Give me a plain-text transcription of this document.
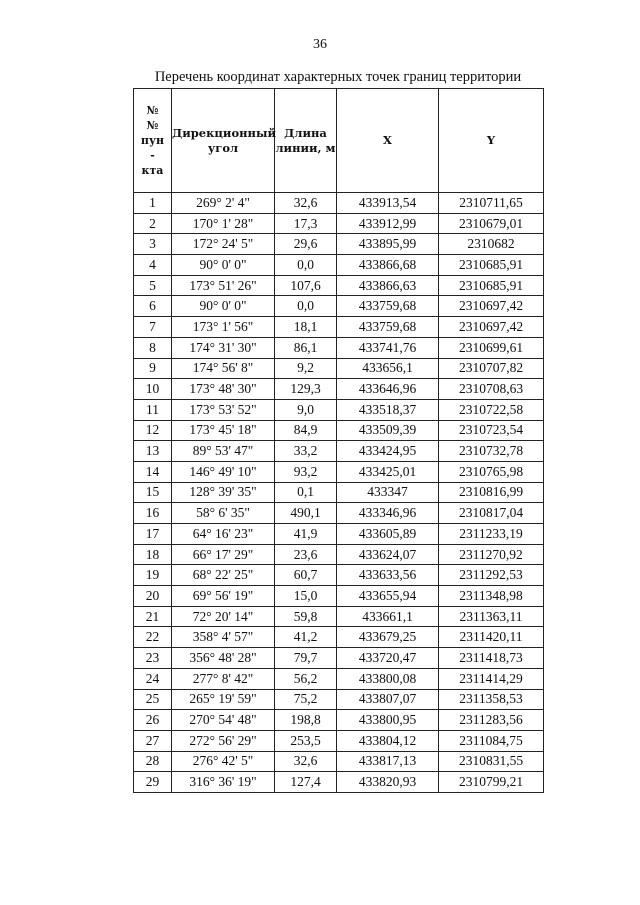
36
Перечень координат характерных точек границ территории
№
№
пун
-
кта	Дирекционный угол	Длина линии, м	X	Y
1	269° 2' 4"	32,6	433913,54	2310711,65
2	170° 1' 28"	17,3	433912,99	2310679,01
3	172° 24' 5"	29,6	433895,99	2310682
4	90° 0' 0"	0,0	433866,68	2310685,91
5	173° 51' 26"	107,6	433866,63	2310685,91
6	90° 0' 0"	0,0	433759,68	2310697,42
7	173° 1' 56"	18,1	433759,68	2310697,42
8	174° 31' 30"	86,1	433741,76	2310699,61
9	174° 56' 8"	9,2	433656,1	2310707,82
10	173° 48' 30"	129,3	433646,96	2310708,63
11	173° 53' 52"	9,0	433518,37	2310722,58
12	173° 45' 18"	84,9	433509,39	2310723,54
13	89° 53' 47"	33,2	433424,95	2310732,78
14	146° 49' 10"	93,2	433425,01	2310765,98
15	128° 39' 35"	0,1	433347	2310816,99
16	58° 6' 35"	490,1	433346,96	2310817,04
17	64° 16' 23"	41,9	433605,89	2311233,19
18	66° 17' 29"	23,6	433624,07	2311270,92
19	68° 22' 25"	60,7	433633,56	2311292,53
20	69° 56' 19"	15,0	433655,94	2311348,98
21	72° 20' 14"	59,8	433661,1	2311363,11
22	358° 4' 57"	41,2	433679,25	2311420,11
23	356° 48' 28"	79,7	433720,47	2311418,73
24	277° 8' 42"	56,2	433800,08	2311414,29
25	265° 19' 59"	75,2	433807,07	2311358,53
26	270° 54' 48"	198,8	433800,95	2311283,56
27	272° 56' 29"	253,5	433804,12	2311084,75
28	276° 42' 5"	32,6	433817,13	2310831,55
29	316° 36' 19"	127,4	433820,93	2310799,21
